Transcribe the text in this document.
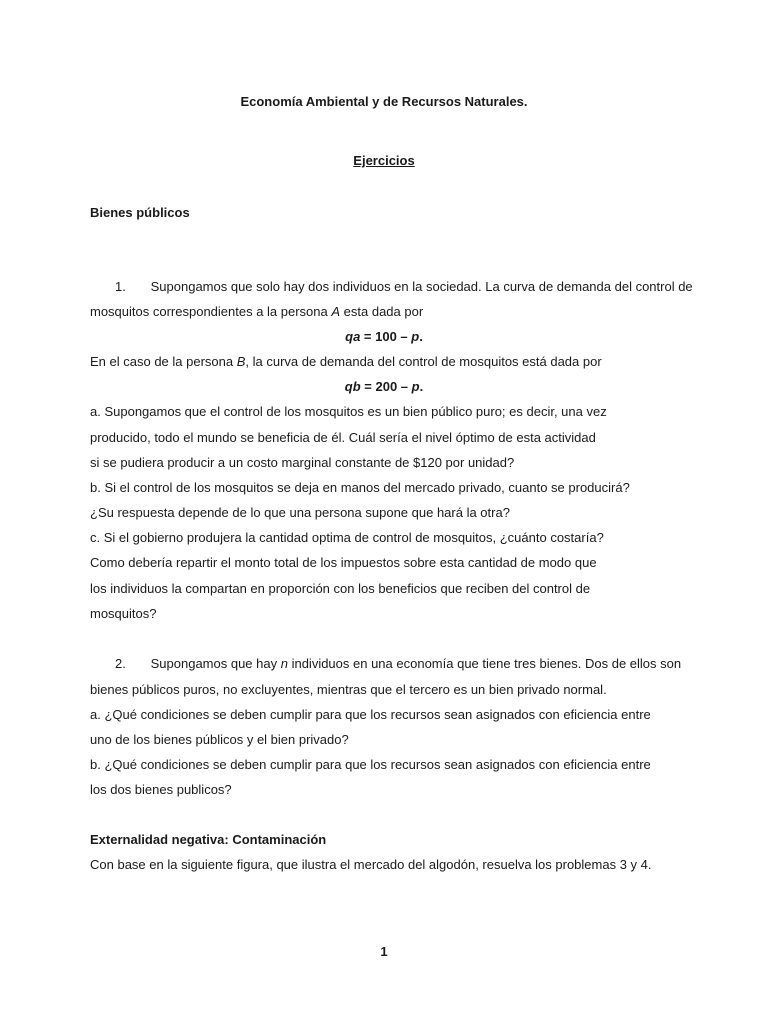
Economía Ambiental y de Recursos Naturales.
Ejercicios
Bienes públicos
1. Supongamos que solo hay dos individuos en la sociedad. La curva de demanda del control de
mosquitos correspondientes a la persona A esta dada por
qa = 100 – p.
En el caso de la persona B, la curva de demanda del control de mosquitos está dada por
qb = 200 – p.
a. Supongamos que el control de los mosquitos es un bien público puro; es decir, una vez
producido, todo el mundo se beneficia de él. Cuál sería el nivel óptimo de esta actividad
si se pudiera producir a un costo marginal constante de $120 por unidad?
b. Si el control de los mosquitos se deja en manos del mercado privado, cuanto se producirá?
¿Su respuesta depende de lo que una persona supone que hará la otra?
c. Si el gobierno produjera la cantidad optima de control de mosquitos, ¿cuánto costaría?
Como debería repartir el monto total de los impuestos sobre esta cantidad de modo que
los individuos la compartan en proporción con los beneficios que reciben del control de
mosquitos?
2. Supongamos que hay n individuos en una economía que tiene tres bienes. Dos de ellos son
bienes públicos puros, no excluyentes, mientras que el tercero es un bien privado normal.
a. ¿Qué condiciones se deben cumplir para que los recursos sean asignados con eficiencia entre
uno de los bienes públicos y el bien privado?
b. ¿Qué condiciones se deben cumplir para que los recursos sean asignados con eficiencia entre
los dos bienes publicos?
Externalidad negativa: Contaminación
Con base en la siguiente figura, que ilustra el mercado del algodón, resuelva los problemas 3 y 4.
1
